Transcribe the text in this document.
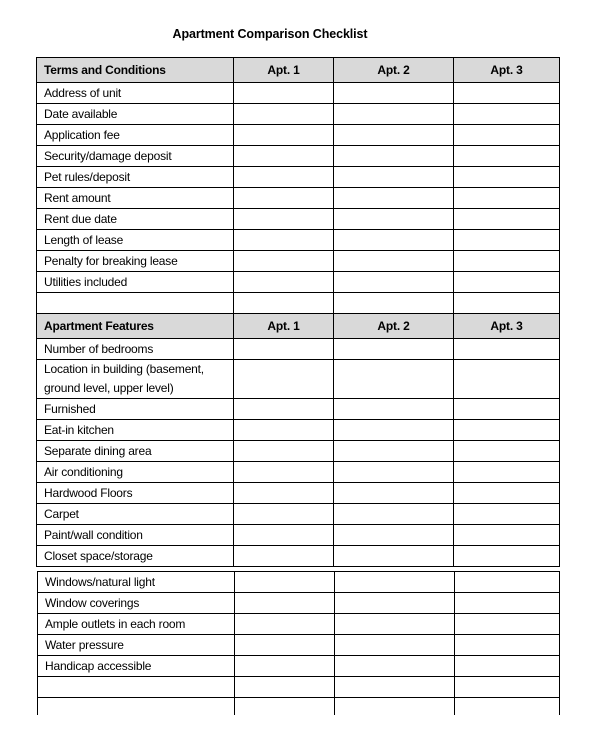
Apartment Comparison Checklist
Terms and Conditions	Apt. 1	Apt. 2	Apt. 3
Address of unit			
Date available			
Application fee			
Security/damage deposit			
Pet rules/deposit			
Rent amount			
Rent due date			
Length of lease			
Penalty for breaking lease			
Utilities included			

Apartment Features	Apt. 1	Apt. 2	Apt. 3
Number of bedrooms			
Location in building (basement, ground level, upper level)			
Furnished			
Eat-in kitchen			
Separate dining area			
Air conditioning			
Hardwood Floors			
Carpet			
Paint/wall condition			
Closet space/storage			
Windows/natural light			
Window coverings			
Ample outlets in each room			
Water pressure			
Handicap accessible			
